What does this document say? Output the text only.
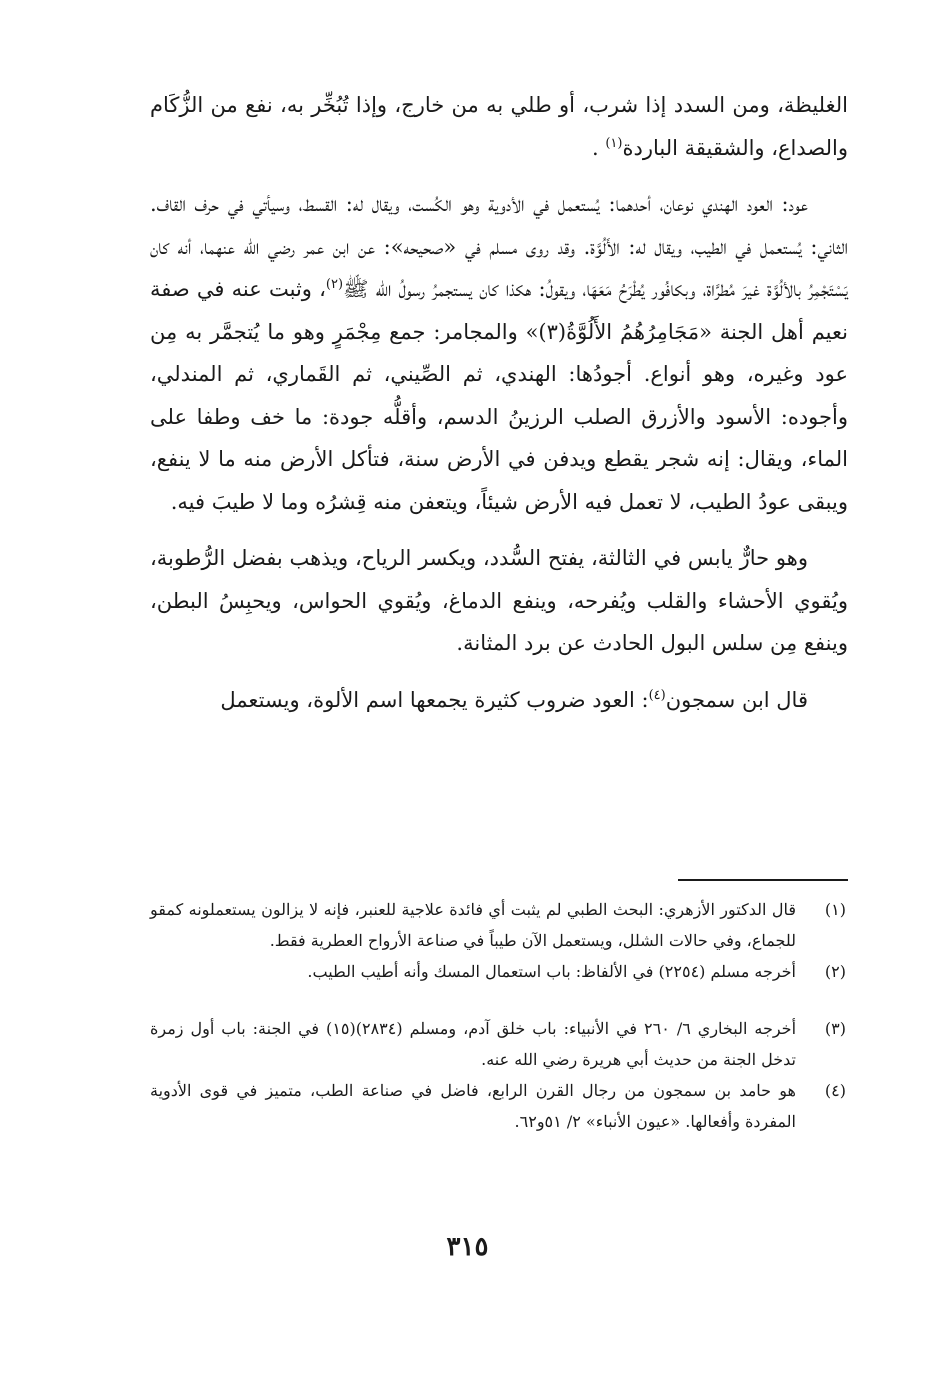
الغليظة، ومن السدد إذا شرب، أو طلي به من خارج، وإذا تُبُخِّر به، نفع من الزُّكَام والصداع، والشقيقة الباردة$^{(١)}$ .

عود: العود الهندي نوعان، أحدهما: يُستعمل في الأدوية وهو الكُست، ويقال له: القسط، وسيأتي في حرف القاف. الثاني: يُستعمل في الطيب، ويقال له: الأَلُوَّة. وقد روى مسلم في «صحيحه»: عن ابن عمر رضي الله عنهما، أنه كان يَسْتَجْمِرُ بالألُوَّة غيرَ مُطرَّاة، وبكافُور يُطْرَحُ مَعَهَا، ويقولُ: هكذا كان يستجمرُ رسولُ الله ﷺ$^{(٢)}$، وثبت عنه في صفة نعيم أهل الجنة «مَجَامِرُهُمُ الأَلُوَّةُ(٣)» والمجامر: جمع مِجْمَرٍ وهو ما يُتجمَّر به مِن عود وغيره، وهو أنواع. أجودُها: الهندي، ثم الصِّيني، ثم القَماري، ثم المندلي، وأجوده: الأسود والأزرق الصلب الرزينُ الدسم، وأقلُّه جودة: ما خف وطفا على الماء، ويقال: إنه شجر يقطع ويدفن في الأرض سنة، فتأكل الأرض منه ما لا ينفع، ويبقى عودُ الطيب، لا تعمل فيه الأرض شيئاً، ويتعفن منه قِشرُه وما لا طيبَ فيه.

وهو حارٌّ يابس في الثالثة، يفتح السُّدد، ويكسر الرياح، ويذهب بفضل الرُّطوبة، ويُقوي الأحشاء والقلب ويُفرحه، وينفع الدماغ، ويُقوي الحواس، ويحبِسُ البطن، وينفع مِن سلس البول الحادث عن برد المثانة.

قال ابن سمجون$^{(٤)}$: العود ضروب كثيرة يجمعها اسم الألوة، ويستعمل

(١)
قال الدكتور الأزهري: البحث الطبي لم يثبت أي فائدة علاجية للعنبر، فإنه لا يزالون يستعملونه كمقو للجماع، وفي حالات الشلل، ويستعمل الآن طيباً في صناعة الأرواح العطرية فقط.
(٢)
أخرجه مسلم (٢٢٥٤) في الألفاظ: باب استعمال المسك وأنه أطيب الطيب.
(٣)
أخرجه البخاري ٦/ ٢٦٠ في الأنبياء: باب خلق آدم، ومسلم (٢٨٣٤)(١٥) في الجنة: باب أول زمرة تدخل الجنة من حديث أبي هريرة رضي الله عنه.
(٤)
هو حامد بن سمجون من رجال القرن الرابع، فاضل في صناعة الطب، متميز في قوى الأدوية المفردة وأفعالها. «عيون الأنباء» ٢/ ٥١و٦٢.
٣١٥
